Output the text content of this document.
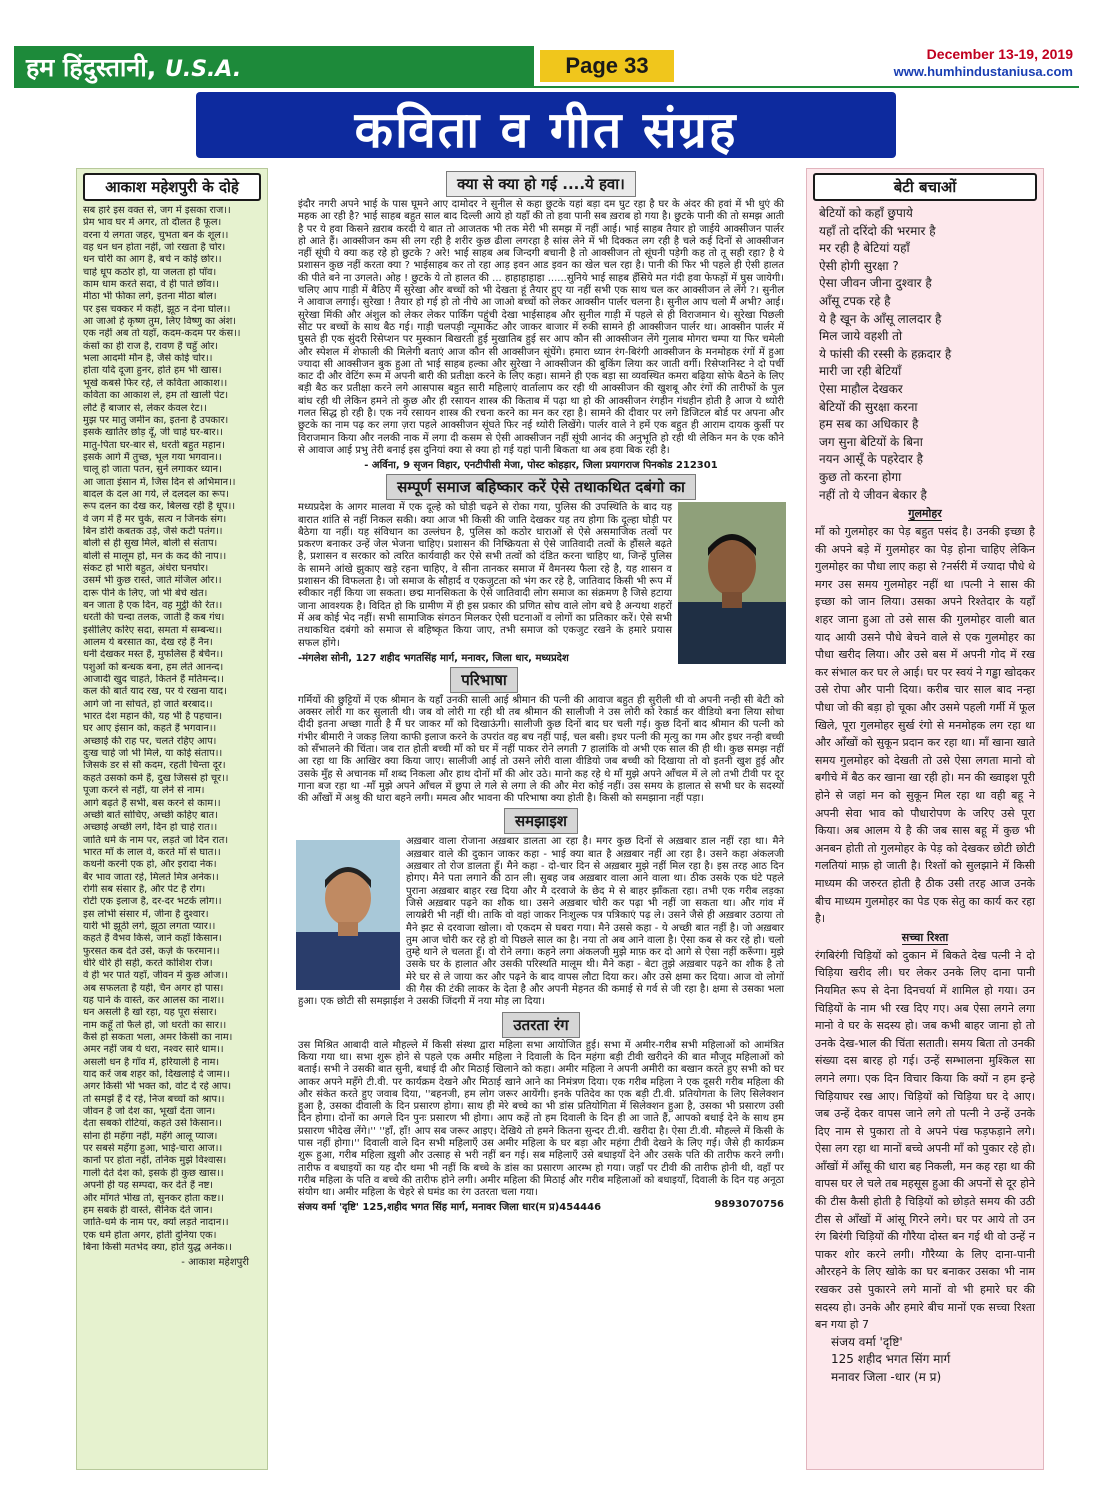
हम हिंदुस्तानी, U.S.A.	Page 33	December 13-19, 2019
www.humhindustaniusa.com
कविता व गीत संग्रह
आकाश महेशपुरी के दोहे
सब हारे इस वक्त से, जग में इसका राज।।
प्रेम भाव घर में अगर, तो दौलत है फूल।
वरना ये लगता जहर, चुभता बन के शूल।।
वह धन धन होता नहीं, जो रखता है चोर।
धन चोरी का आग है, बचे न कोई छोर।।
चाहे धूप कठोर हो, या जलता हो पाँव।
काम धाम करते सदा, वे ही पाते छाँव।।
मीठा भी फीका लगे, इतना मीठा बोल।
पर इस चक्कर में कहीं, झूठ न देना घोल।।
आ जाओ हे कृष्ण तुम, लिए विष्णु का अंश।
एक नहीं अब तो यहाँ, कदम-कदम पर कंस।।
कंसों का ही राज है, रावण हैं चहुँ ओर।
भला आदमी मौन है, जैसे कोई चोर।।
होता यदि दूजा हुनर, होते हम भी खास।
भूखे कबसे फिर रहे, ले कविता आकाश।।
कविता का आकाश ले, हम तो खाली पेट।
लौटे हैं बाजार से, लेकर केवल रेट।।
मुझ पर मातु जमीन का, इतना है उपकार।
इसके खातिर छोड़ दूँ, जी चाहे घर-बार।।
मातु-पिता घर-बार से, धरती बहुत महान।
इसके आगे मैं तुच्छ, भूल गया भगवान।।
चालू हो जाता पतन, सुनें लगाकर ध्यान।
आ जाता इंसान में, जिस दिन से अभिमान।।
बादल के दल आ गये, ले दलदल का रूप।
रूप दलन का देख कर, बिलख रही है धूप।।
वे जग में हैं मर चुके, सत्य न जिनके संग।
बिन डोरी कबतक उड़े, जैसे कटी पतंग।।
बोली से ही सुख मिले, बोली से संताप।
बोली से मालूम हो, मन के कद की नाप।।
संकट हो भारी बहुत, अंधेरा घनघोर।
उसमें भी कुछ रास्ते, जाते मंजिल ओर।।
दारू पीने के लिए, जो भी बेचे खेत।
बन जाता है एक दिन, वह मुट्ठी की रेत।।
धरती की चन्दा तलक, जाती है कब गंध।
इसीलिए करिए सदा, समता में सम्बन्ध।।
आलम ये बरसात का, देख रहे हैं नैन।
धनी देखकर मस्त हैं, मुफलिस हैं बेचैन।।
पशुओं को बन्धक बना, हम लेते आनन्द।
आजादी खुद चाहते, कितने हैं मतिमन्द।।
कल की बातें याद रख, पर ये रखना याद।
आगे जो ना सोचते, हो जाते बरबाद।।
भारत देश महान की, यह भी है पहचान।
घर आए इंसान को, कहते हैं भगवान।।
अच्छाई की राह पर, चलते रहिए आप।
दुःख चाहे जो भी मिले, या कोई संताप।।
जिसके डर से सौ कदम, रहती चिन्ता दूर।
कहते उसको कर्म हैं, दुख जिससे हो चूर।।
पूजा करने से नहीं, या लेने से नाम।
आगे बढ़ते हैं सभी, बस करने से काम।।
अच्छी बातें सोचिए, अच्छी कहिए बात।
अच्छाई अच्छी लगे, दिन हो चाहे रात।।
जाति धर्म के नाम पर, लड़ते जो दिन रात।
भारत माँ के लाल वे, करते माँ से घात।।
कथनी करनी एक हो, और इरादा नेक।
बैर भाव जाता रहे, मिलते मित्र अनेक।।
रोगी सब संसार है, और पेट है रोग।
रोटी एक इलाज है, दर-दर भटकें लोग।।
इस लोभी संसार में, जीना है दुश्वार।
यारी भी झूठी लगे, झूठा लगता प्यार।।
कहते हैं वैभव किसे, जाने कहाँ किसान।
फुरसत कब देते उसे, कर्ज़ के फरमान।।
धीरे धीरे ही सही, करते कोशिश रोज।
वे ही भर पाते यहाँ, जीवन में कुछ ओज।।
अब सफलता है यही, चैन अगर हो पास।
यह पाने के वास्ते, कर आलस का नाश।।
धन असली है खो रहा, यह पूरा संसार।
नाम कहूँ तो फैले हो, जो धरती का सार।।
कैसे हो सकता भला, अमर किसी का नाम।
अमर नहीं जब ये धरा, नश्वर सारे धाम।।
असली धन है गाँव में, हरियाली है नाम।
याद करें जब शहर को, दिखलाई दे जाम।।
अगर किसी भी भक्त को, वोट दे रहे आप।
तो समझें हैं दे रहे, निज बच्चों को श्राप।।
जीवन है जो देश का, भूखों देता जान।
देता सबको रोटियां, कहते उसे किसान।।
सोना ही महँगा नहीं, महँगे आलू प्याज।
पर सबसे महँगा हुआ, भाई-चारा आज।।
कानों पर होता नहीं, तनिक मुझे विश्वास।
गाली देते देश को, इसके ही कुछ खास।।
अपनी ही यह सम्पदा, कर देते हैं नष्ट।
और माँगते भीख तो, सुनकर होता कष्ट।।
हम सबके ही वास्ते, सैनिक देते जान।
जाति-धर्म के नाम पर, क्यों लड़ते नादान।।
एक धर्म होता अगर, होती दुनिया एक।
बिना किसी मतभेद क्या, होते युद्ध अनेक।।
- आकाश महेशपुरी
क्या से क्या हो गई ....ये हवा।
इंदौर नगरी अपने भाई के पास घूमने आए दामोदर ने सुनील से कहा छुटके यहां बड़ा दम घुट रहा है घर के अंदर की हवां में भी धुएं की महक आ रही है? भाई साहब बहुत साल बाद दिल्ली आये हो यहाँ की तो हवा पानी सब ख़राब हो गया है। छुटके पानी की तो समझ आती है पर ये हवा किसने ख़राब करदी ये बात तो आजतक भी तक मेरी भी समझ में नहीं आई। भाई साहब तैयार हो जाईये आक्सीजन पार्लर हो आते हैं। आक्सीजन कम सी लग रही है शरीर कुछ ढीला लगरहा है सांस लेने में भी दिक्कत लग रही है चले कई दिनों से आक्सीजन नहीं सूंघी ये क्या कह रहे हो छुटके ? अरे! भाई साहब अब जिन्दगी बचानी है तो आक्सीजन तो सूंघनी पड़ेगी कह तो तू सही रहा? है ये प्रशासन कुछ नहीं करता क्या ? भाईसाहब कर तो रहा आड़ इवन आड इवन का खेल चल रहा है। पानी की फिर भी पहले ही ऐसी हालत की पीते बने ना उगलते। ओह ! छुटके ये तो हालत की ... हाहाहाहाहा ......सुनिये भाई साहब हँसिये मत गंदी हवा फेफड़ों में घुस जायेगी। चलिए आप गाड़ी में बैठिए मैं सुरेखा और बच्चों को भी देखता हूं तैयार हुए या नहीं सभी एक साथ चल कर आक्सीजन ले लेंगे ?। सुनील ने आवाज लगाई। सुरेखा ! तैयार हो गई हो तो नीचे आ जाओ बच्चों को लेकर आक्सीन पार्लर चलना है। सुनील आप चलो मैं अभी? आई। सुरेखा मिंकी और अंशुल को लेकर लेकर पार्किंग पहुंची देखा भाईसाहब और सुनील गाड़ी में पहले से ही विराजमान थे। सुरेखा पिछली सीट पर बच्चों के साथ बैठ गई। गाड़ी चलपड़ी न्यूमार्केट और जाकर बाजार में रुकी सामने ही आक्सीजन पार्लर था। आक्सीन पार्लर में घुसते ही एक सुंदरी रिसेप्शन पर मुस्कान बिखरती हुई मुखातिब हुई सर आप कौन सी आक्सीजन लेंगे गुलाब मोगरा चम्पा या फिर चमेली और स्पेशल में शेफाली की मिलेगी बताएं आज कौन सी आक्सीजन सूंघेंगे। हमारा ध्यान रंग-बिरंगी आक्सीजन के मनमोहक रंगों में हुआ ज्यादा सी आक्सीजन बुक हुआ तो भाई साहब हल्का और सुरेखा ने आक्सीजन की बुकिंग लिया कर जाती वर्गी। रिसेप्शनिस्ट ने दो पर्ची काट दी और वेटिंग रूम में अपनी बारी की प्रतीक्षा करने के लिए कहा। सामने ही एक बड़ा सा व्यवस्थित कमरा बढ़िया सोफे बैठने के लिए बड़ी बैठ कर प्रतीक्षा करने लगे आसपास बहुत सारी महिलाएं वार्तालाप कर रही थी आक्सीजन की खुशबू और रंगों की तारीफों के पुल बांध रही थी लेकिन हमने तो कुछ और ही रसायन शास्त्र की किताब में पढ़ा था हो की आक्सीजन रंगहीन गंधहीन होती है आज ये थ्योरी गलत सिद्ध हो रही है। एक नये रसायन शास्त्र की रचना करने का मन कर रहा है। सामने की दीवार पर लगे डिजिटल बोर्ड पर अपना और छुटके का नाम पढ़ कर लगा ज़रा पहले आक्सीजन सूंघते फिर नई थ्योरी लिखेंगे। पार्लर वाले ने हमें एक बहुत ही आराम दायक कुर्सी पर विराजमान किया और नलकी नाक में लगा दी कसम से ऐसी आक्सीजन नहीं सूंघी आनंद की अनुभूति हो रही थी लेकिन मन के एक कौने से आवाज आई प्रभु तेरी बनाई इस दुनियां क्या से क्या हो गई यहां पानी बिकता था अब हवा बिक रही है।
- अर्विना, 9 सृजन विहार, एनटीपीसी मेजा, पोस्ट कोहड़ार, जिला प्रयागराज पिनकोड 212301
सम्पूर्ण समाज बहिष्कार करें ऐसे तथाकथित दबंगो का
मध्यप्रदेश के आगर मालवा में एक दूल्हे को घोड़ी चढ़ने से रोका गया, पुलिस की उपस्थिति के बाद यह बारात शांति से नहीं निकल सकी। क्या आज भी किसी की जाति देखकर यह तय होगा कि दूल्हा घोड़ी पर बैठेगा या नहीं। यह संविधान का उल्लंघन है, पुलिस को कठोर धाराओं से ऐसे असमाजिक तत्वों पर प्रकरण बनाकर उन्हें जेल भेजना चाहिए। प्रशासन की निष्क्रियता से ऐसे जातिवादी तत्वों के हौंसले बढ़ते है, प्रशासन व सरकार को त्वरित कार्यवाही कर ऐसे सभी तत्वों को दंडित करना चाहिए था, जिन्हें पुलिस के सामने आंखे झुकाए खड़े रहना चाहिए, वे सीना तानकर समाज में वैमनस्य फैला रहे है, यह शासन व प्रशासन की विफलता है। जो समाज के सौहार्द व एकजुटता को भंग कर रहे है, जातिवाद किसी भी रूप में स्वीकार नहीं किया जा सकता। छद्म मानसिकता के ऐसे जातिवादी लोग समाज का संक्रमण है जिसे हटाया जाना आवश्यक है। विदित हो कि ग्रामीण में ही इस प्रकार की प्रणित सोच वाले लोग बचे है अन्यथा शहरों में अब कोई भेद नहीं। सभी सामाजिक संगठन मिलकर ऐसी घटनाओं व लोगों का प्रतिकार करें। ऐसे सभी तथाकथित दबंगो को समाज से बहिष्कृत किया जाए, तभी समाज को एकजुट रखने के हमारे प्रयास सफल होंगे।
-मंगलेश सोनी, 127 शहीद भगतसिंह मार्ग, मनावर, जिला धार, मध्यप्रदेश
परिभाषा
गर्मियों की छुट्टियों में एक श्रीमान के यहाँ उनकी साली आई श्रीमान की पत्नी की आवाज बहुत ही सुरीली थी वो अपनी नन्ही सी बेटी को अक्सर लोरी गा कर सुलाती थी। जब वो लोरी गा रही थी तब श्रीमान की सालीजी ने उस लोरी को रेकार्ड कर वीडियो बना लिया सोचा दीदी इतना अच्छा गाती है मैं घर जाकर माँ को दिखाऊंगी। सालीजी कुछ दिनों बाद घर चली गई। कुछ दिनों बाद श्रीमान की पत्नी को गंभीर बीमारी ने जकड़ लिया काफी इलाज करने के उपरांत वह बच नहीं पाई, चल बसी। इधर पत्नी की मृत्यु का गम और इधर नन्ही बच्ची को सँभालने की चिंता। जब रात होती बच्ची माँ को घर में नहीं पाकर रोने लगती 7 हालांकि वो अभी एक साल की ही थी। कुछ समझ नहीं आ रहा था कि आखिर क्या किया जाए। सालीजी आई तो उसने लोरी वाला वीडियो जब बच्ची को दिखाया तो वो इतनी खुश हुई और उसके मुँह से अचानक माँ शब्द निकला और हाथ दोनों माँ की ओर उठे। मानो कह रहे थे माँ मुझे अपने आँचल में ले लो तभी टीवी पर दूर गाना बज रहा था -माँ मुझे अपने आँचल में छुपा ले गले से लगा ले की और मेरा कोई नहीं। उस समय के हालात से सभी घर के सदस्यों की आँखों में अश्रु की धारा बहने लगी। ममत्व और भावना की परिभाषा क्या होती है। किसी को समझाना नहीं पड़ा।
समझाइश
अख़बार वाला रोजाना अख़बार डालता आ रहा है। मगर कुछ दिनों से अख़बार डाल नहीं रहा था। मैने अख़बार वाले की दुकान जाकर कहा - भाई क्या बात है अख़बार नहीं आ रहा है। उसने कहा अंकलजी अख़बार तो रोज डालता हूँ। मैने कहा - दो-चार दिन से अख़बार मुझे नहीं मिल रहा है। इस तरह आठ दिन होगए। मैने पता लगाने की ठान ली। सुबह जब अख़बार वाला आने वाला था। ठीक उसके एक घंटे पहले पुराना अख़बार बाहर रख दिया और मै दरवाजे के छेद मे से बाहर झाँकता रहा। तभी एक गरीब लड़का जिसे अख़बार पढ़ने का शौक था। उसने अख़बार चोरी कर पढ़ा भी नहीं जा सकता था। और गांव में लायब्रेरी भी नहीं थी। ताकि वो वहां जाकर निःशुल्क पत्र पत्रिकाएं पढ़ ले। उसने जैसे ही अख़बार उठाया तो मैने झट से दरवाजा खोला। वो एकदम से घबरा गया। मैने उससे कहा - ये अच्छी बात नहीं है। जो अख़बार तुम आज चोरी कर रहे हो वो पिछले साल का है। नया तो अब आने वाला है। ऐसा कब से कर रहे हो। चलो तुम्हे थाने ले चलता हूँ। वो रोने लगा। कहने लगा अंकलजी मुझे माफ़ कर दो आगे से ऐसा नहीं करूँगा। मुझे उसके घर के हालात और उसकी परिस्थति मालूम थी। मैने कहा - बेटा तुझे अख़बार पढ़ने का शौक है तो मेरे घर से ले जाया कर और पढ़ने के बाद वापस लौटा दिया कर। और उसे क्षमा कर दिया। आज वो लोगों की गैस की टंकी लाकर के देता है और अपनी मेहनत की कमाई से गर्व से जी रहा है। क्षमा से उसका भला हुआ। एक छोटी सी समझाईश ने उसकी जिंदगी में नया मोड़ ला दिया।
उतरता रंग
उस मिश्रित आबादी वाले मौहल्ले में किसी संस्था द्वारा महिला सभा आयोजित हुई। सभा में अमीर-गरीब सभी महिलाओं को आमंत्रित किया गया था। सभा शुरू होने से पहले एक अमीर महिला ने दिवाली के दिन महंगा बड़ी टीवी खरीदने की बात मौजूद महिलाओं को बताई। सभी ने उसकी बात सुनी, बधाई दी और मिठाई खिलाने को कहा। अमीर महिला ने अपनी अमीरी का बखान करते हुए सभी को घर आकर अपने महँगे टी.वी. पर कार्यक्रम देखने और मिठाई खाने आने का निमंत्रण दिया। एक गरीब महिला ने एक दूसरी गरीब महिला की और संकेत करते हुए जवाब दिया, ''बहनजी, हम लोग जरूर आयेंगी। इनके पतिदेव का एक बड़ी टी.वी. प्रतियोगता के लिए सिलेक्शन हुआ है, उसका दीवाली के दिन प्रसारण होगा। साथ ही मेरे बच्चे का भी डांस प्रतियोगिता में सिलेक्शन हुआ है, उसका भी प्रसारण उसी दिन होगा। दोनों का अगले दिन पुनः प्रसारण भी होगा। आप कहें तो हम दिवाली के दिन ही आ जाते हैं, आपको बधाई देने के साथ हम प्रसारण भीदेख लेंगे।'' ''हाँ, हाँ! आप सब जरूर आइए। देखिये तो हमने कितना सुन्दर टी.वी. खरीदा है। ऐसा टी.वी. मौहल्ले में किसी के पास नहीं होगा।'' दिवाली वाले दिन सभी महिलाएँ उस अमीर महिला के घर बड़ा और महंगा टीवी देखने के लिए गई। जैसे ही कार्यक्रम शुरू हुआ, गरीब महिला ख़ुशी और उत्साह से भरी नहीं बन गई। सब महिलाएँ उसे बधाइयाँ देने और उसके पति की तारीफ करने लगी। तारीफ व बधाइयों का यह दौर थमा भी नहीं कि बच्चे के डांस का प्रसारण आरम्भ हो गया। जहाँ पर टीवी की तारीफ होनी थी, वहाँ पर गरीब महिला के पति व बच्चे की तारीफ होने लगी। अमीर महिला की मिठाई और गरीब महिलाओं को बधाइयाँ, दिवाली के दिन यह अनूठा संयोग था। अमीर महिला के चेहरे से घमंड का रंग उतरता चला गया।
संजय वर्मा 'दृष्टि' 125,शहीद भगत सिंह मार्ग, मनावर जिला धार(म प्र)454446	9893070756
बेटी बचाओं
बेटियों को कहाँ छुपाये
यहाँ तो दरिंदो की भरमार है
मर रही है बेटियां यहाँ
ऐसी होगी सुरक्षा ?
ऐसा जीवन जीना दुश्वार है
आँसू टपक रहे है
ये है खून के आँसू लालदार है
मिल जाये वहशी तो
ये फांसी की रस्सी के हक़दार है
मारी जा रही बेटियाँ
ऐसा माहौल देखकर
बेटियों की सुरक्षा करना
हम सब का अधिकार है
जग सुना बेटियों के बिना
नयन आसूँ के पहरेदार है
कुछ तो करना होगा
नहीं तो ये जीवन बेकार है
गुलमोहर
माँ को गुलमोहर का पेड़ बहुत पसंद है। उनकी इच्छा है की अपने बड़े में गुलमोहर का पेड़ होना चाहिए लेकिन गुलमोहर का पौधा लाए कहा से ?नर्सरी में ज्यादा पौधे थे मगर उस समय गुलमोहर नहीं था ।पत्नी ने सास की इच्छा को जान लिया। उसका अपने रिश्तेदार के यहाँ शहर जाना हुआ तो उसे सास की गुलमोहर वाली बात याद आयी उसने पौधे बेचने वाले से एक गुलमोहर का पौधा खरीद लिया। और उसे बस में अपनी गोद में रख कर संभाल कर घर ले आई। घर पर स्वयं ने गड्ढा खोदकर उसे रोपा और पानी दिया। करीब चार साल बाद नन्हा पौधा जो की बड़ा हो चूका और उसमे पहली गर्मी में फूल खिले, पूरा गुलमोहर सुर्ख रंगो से मनमोहक लग रहा था और आँखों को सुकून प्रदान कर रहा था। माँ खाना खाते समय गुलमोहर को देखती तो उसे ऐसा लगता मानो वो बगीचे में बैठ कर खाना खा रही हो। मन की ख्वाइश पूरी होने से जहां मन को सुकून मिल रहा था वही बहू ने अपनी सेवा भाव को पौधारोपण के जरिए उसे पूरा किया। अब आलम ये है की जब सास बहू में कुछ भी अनबन होती तो गुलमोहर के पेड़ को देखकर छोटी छोटी गलतियां माफ़ हो जाती है। रिश्तों को सुलझाने में किसी माध्यम की जरुरत होती है ठीक उसी तरह आज उनके बीच माध्यम गुलमोहर का पेड एक सेतु का कार्य कर रहा है।
सच्चा रिश्ता
रंगबिरंगी चिड़ियों को दुकान में बिकते देख पत्नी ने दो चिड़िया खरीद ली। घर लेकर उनके लिए दाना पानी नियमित रूप से देना दिनचर्या में शामिल हो गया। उन चिड़ियों के नाम भी रख दिए गए। अब ऐसा लगने लगा मानो वे घर के सदस्य हो। जब कभी बाहर जाना हो तो उनके देख-भाल की चिंता सताती। समय बिता तो उनकी संख्या दस बारह हो गई। उन्हें सम्भालना मुश्किल सा लगने लगा। एक दिन विचार किया कि क्यों न हम इन्हे चिड़ियाघर रख आए। चिड़ियों को चिड़िया घर दे आए। जब उन्हें देकर वापस जाने लगे तो पत्नी ने उन्हें उनके दिए नाम से पुकारा तो वे अपने पंख फड़फड़ाने लगे। ऐसा लग रहा था मानों बच्चे अपनी माँ को पुकार रहे हो। आँखों में आँसू की धारा बह निकली, मन कह रहा था की वापस घर ले चले तब महसूस हुआ की अपनों से दूर होने की टीस कैसी होती है चिड़ियों को छोड़ते समय की उठी टीस से आँखों में आंसू गिरने लगे। घर पर आये तो उन रंग बिरंगी चिड़ियों की गौरैया दोस्त बन गई थी वो उन्हें न पाकर शोर करने लगी। गौरैय्या के लिए दाना-पानी औररहने के लिए खोके का घर बनाकर उसका भी नाम रखकर उसे पुकारने लगे मानों वो भी हमारे घर की सदस्य हो। उनके और हमारे बीच मानों एक सच्चा रिश्ता बन गया हो 7
संजय वर्मा 'दृष्टि'
125 शहीद भगत सिंग मार्ग
मनावर जिला -धार (म प्र)
